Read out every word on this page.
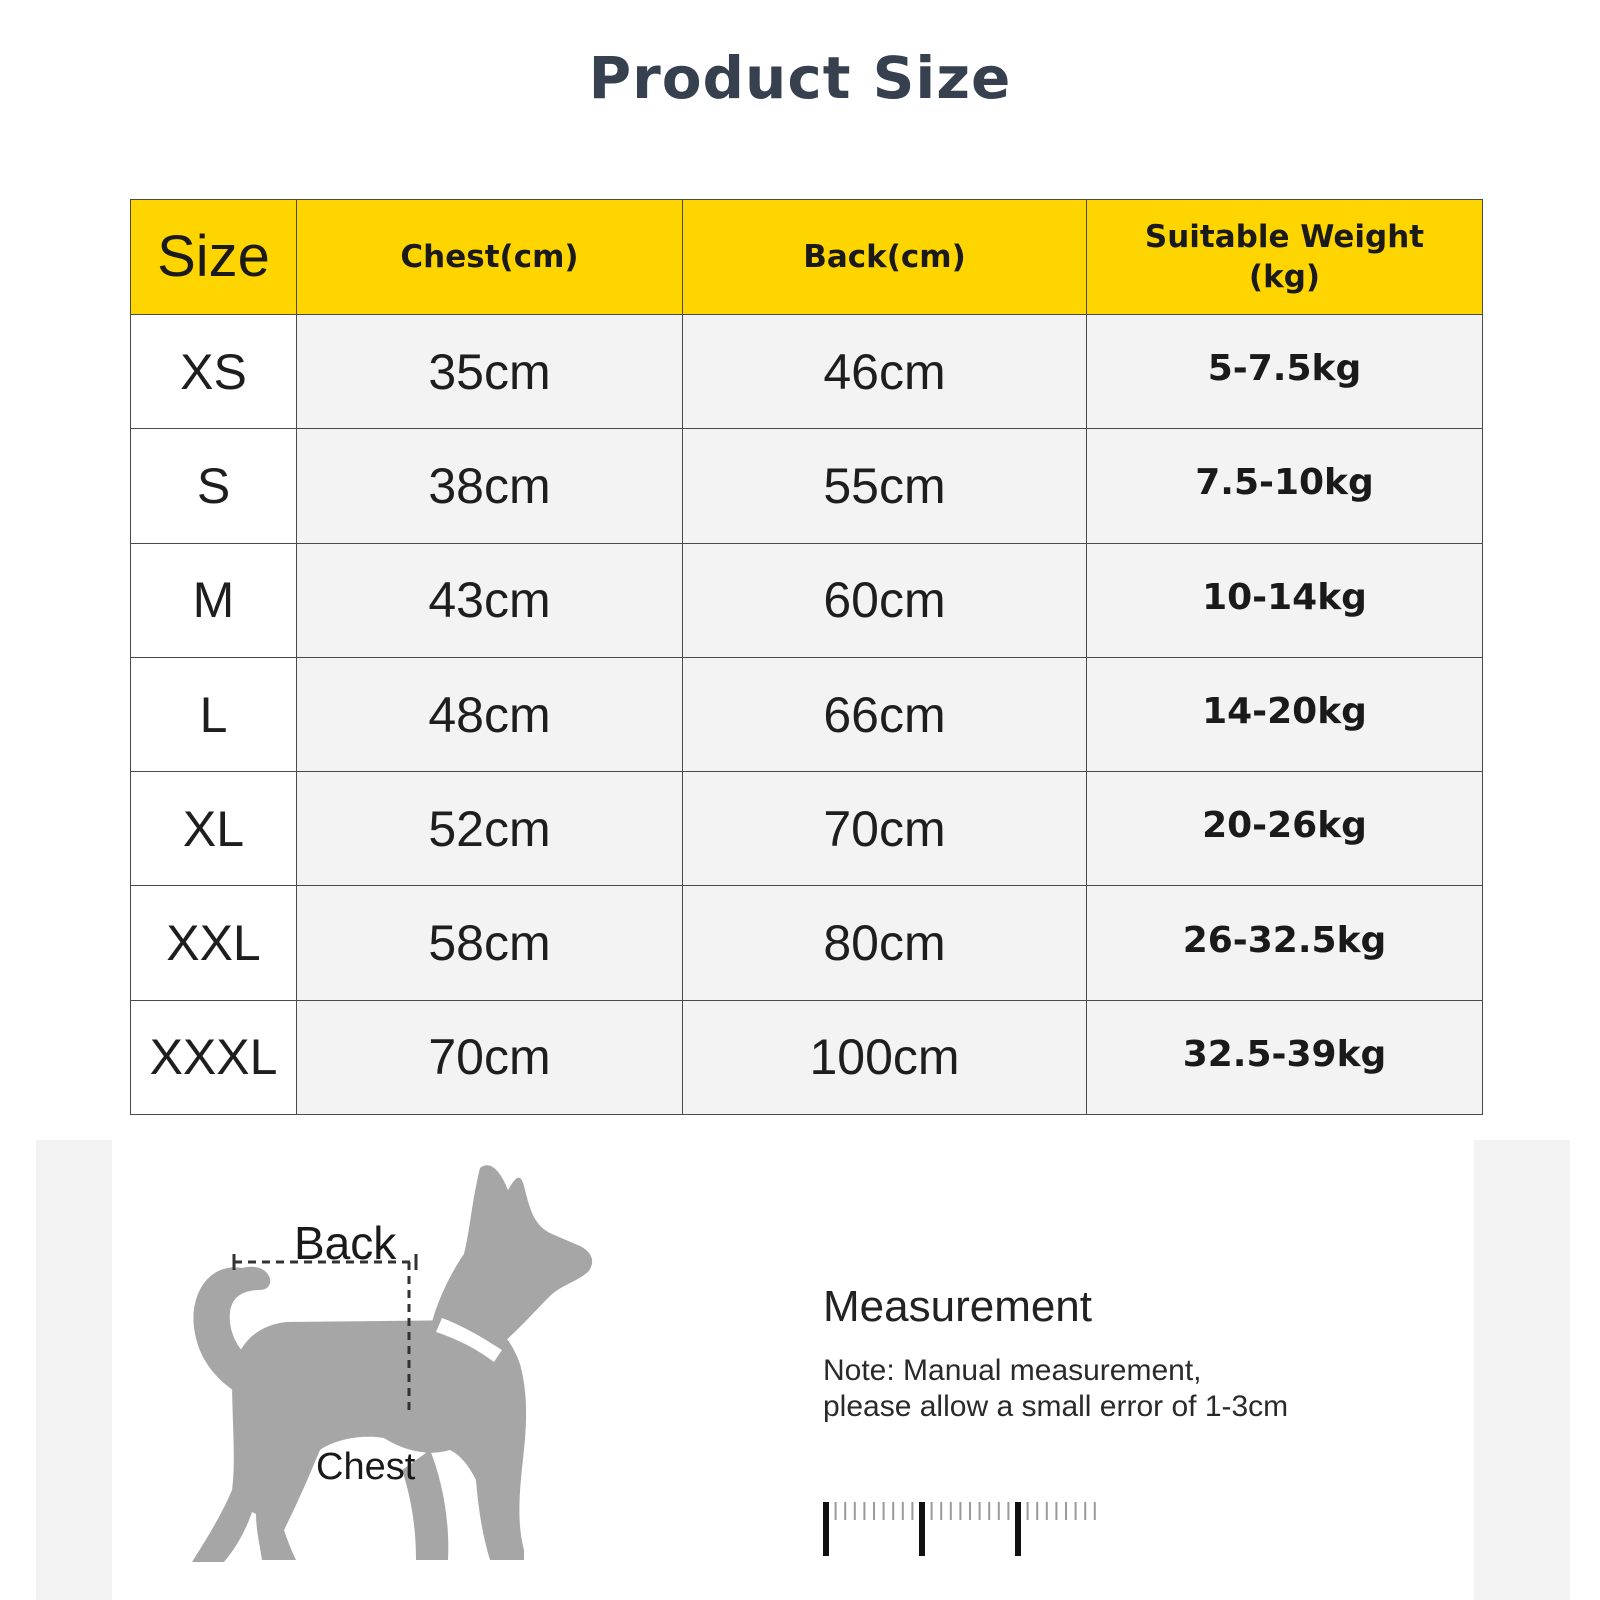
Product Size
Size	Chest(cm)	Back(cm)	Suitable Weight
(kg)
XS	35cm	46cm	5-7.5kg
S	38cm	55cm	7.5-10kg
M	43cm	60cm	10-14kg
L	48cm	66cm	14-20kg
XL	52cm	70cm	20-26kg
XXL	58cm	80cm	26-32.5kg
XXXL	70cm	100cm	32.5-39kg
Back
Chest
Measurement
Note: Manual measurement,
please allow a small error of 1-3cm
